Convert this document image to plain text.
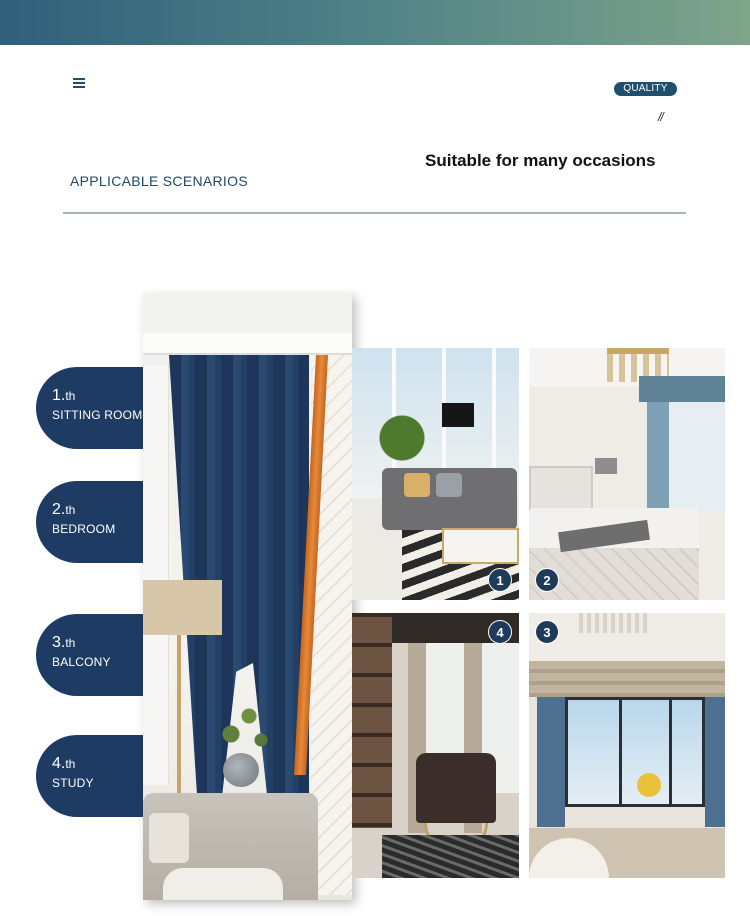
QUALITY
//
Suitable for many occasions
APPLICABLE SCENARIOS
1.th
SITTING ROOM
2.th
BEDROOM
3.th
BALCONY
4.th
STUDY
1	2
4	3
